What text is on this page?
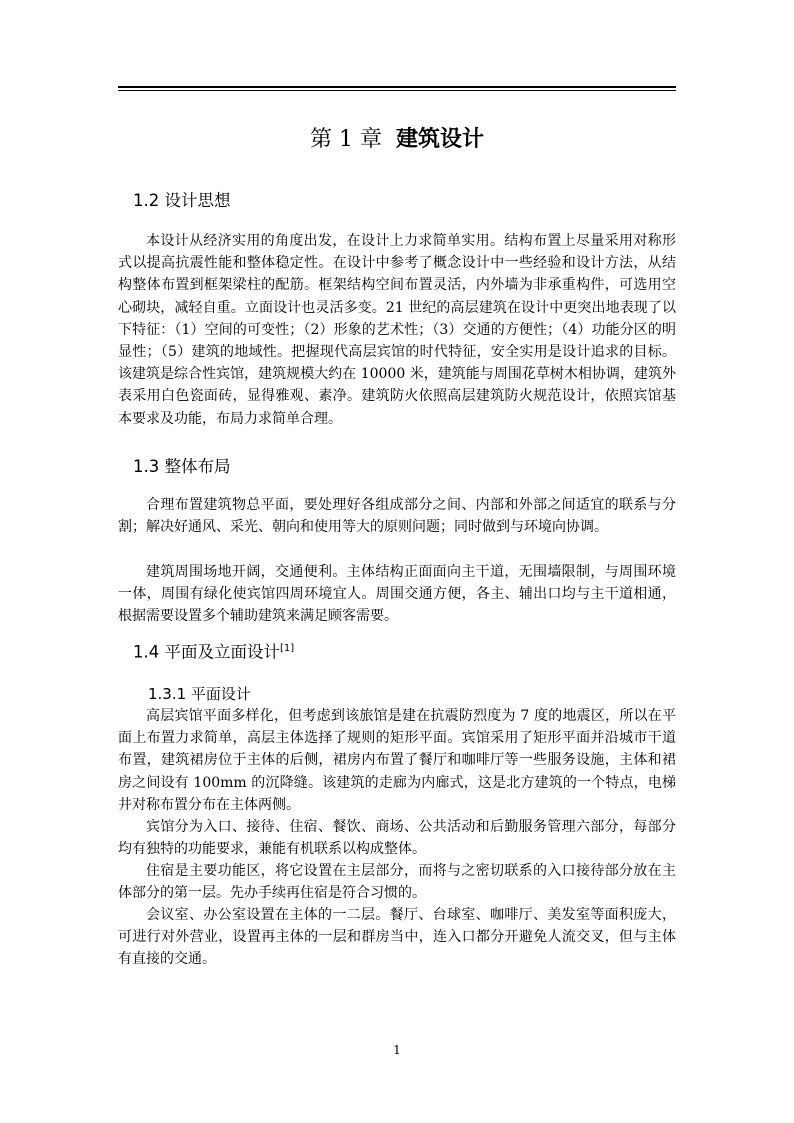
第 1 章 建筑设计
1.2 设计思想

本设计从经济实用的角度出发，在设计上力求简单实用。结构布置上尽量采用对称形式以提高抗震性能和整体稳定性。在设计中参考了概念设计中一些经验和设计方法，从结构整体布置到框架梁柱的配筋。框架结构空间布置灵活，内外墙为非承重构件，可选用空心砌块，减轻自重。立面设计也灵活多变。21 世纪的高层建筑在设计中更突出地表现了以下特征：（1）空间的可变性；（2）形象的艺术性；（3）交通的方便性；（4）功能分区的明显性；（5）建筑的地域性。把握现代高层宾馆的时代特征，安全实用是设计追求的目标。该建筑是综合性宾馆，建筑规模大约在 10000 米，建筑能与周围花草树木相协调，建筑外表采用白色瓷面砖，显得雅观、素净。建筑防火依照高层建筑防火规范设计，依照宾馆基本要求及功能，布局力求简单合理。

1.3 整体布局

合理布置建筑物总平面，要处理好各组成部分之间、内部和外部之间适宜的联系与分割；解决好通风、采光、朝向和使用等大的原则问题；同时做到与环境向协调。

建筑周围场地开阔，交通便利。主体结构正面面向主干道，无围墙限制，与周围环境一体，周围有绿化使宾馆四周环境宜人。周围交通方便，各主、辅出口均与主干道相通，根据需要设置多个辅助建筑来满足顾客需要。

1.4 平面及立面设计[1]
1.3.1 平面设计

高层宾馆平面多样化，但考虑到该旅馆是建在抗震防烈度为 7 度的地震区，所以在平面上布置力求简单，高层主体选择了规则的矩形平面。宾馆采用了矩形平面并沿城市干道布置，建筑裙房位于主体的后侧，裙房内布置了餐厅和咖啡厅等一些服务设施，主体和裙房之间设有 100mm 的沉降缝。该建筑的走廊为内廊式，这是北方建筑的一个特点，电梯井对称布置分布在主体两侧。

宾馆分为入口、接待、住宿、餐饮、商场、公共活动和后勤服务管理六部分，每部分均有独特的功能要求，兼能有机联系以构成整体。

住宿是主要功能区，将它设置在主层部分，而将与之密切联系的入口接待部分放在主体部分的第一层。先办手续再住宿是符合习惯的。

会议室、办公室设置在主体的一二层。餐厅、台球室、咖啡厅、美发室等面积庞大，可进行对外营业，设置再主体的一层和群房当中，连入口都分开避免人流交叉，但与主体有直接的交通。

1
